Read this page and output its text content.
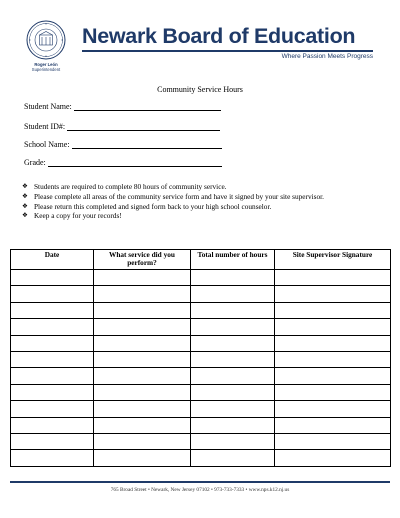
Roger León
Superintendent
Newark Board of Education
Where Passion Meets Progress
Community Service Hours
Student Name:
Student ID#:
School Name:
Grade:
❖ Students are required to complete 80 hours of community service.
❖ Please complete all areas of the community service form and have it signed by your site supervisor.
❖ Please return this completed and signed form back to your high school counselor.
❖ Keep a copy for your records!
Date	What service did you perform?	Total number of hours	Site Supervisor Signature

765 Broad Street • Newark, New Jersey 07102 • 973-733-7333 • www.nps.k12.nj.us
